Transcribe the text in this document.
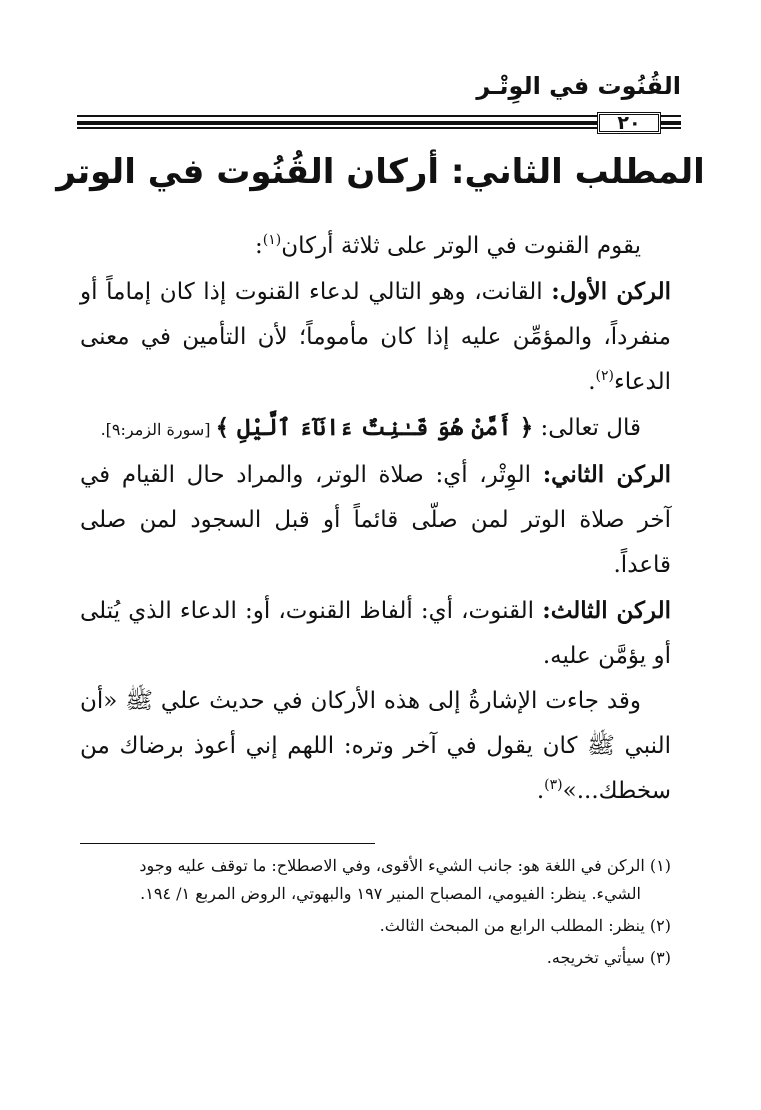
القُنُوت في الوِتْـر
٢٠
المطلب الثاني: أركان القُنُوت في الوتر

يقوم القنوت في الوتر على ثلاثة أركان$^{(١)}$:

الركن الأول: القانت، وهو التالي لدعاء القنوت إذا كان إماماً أو منفرداً، والمؤمِّن عليه إذا كان مأموماً؛ لأن التأمين في معنى الدعاء$^{(٢)}$.

قال تعالى: ﴿ أَمَّنْ هُوَ قَـٰنِتٌ ءَانَآءَ ٱلَّيْلِ ﴾ [سورة الزمر:٩].

الركن الثاني: الوِتْر، أي: صلاة الوتر، والمراد حال القيام في آخر صلاة الوتر لمن صلّى قائماً أو قبل السجود لمن صلى قاعداً.

الركن الثالث: القنوت، أي: ألفاظ القنوت، أو: الدعاء الذي يُتلى أو يؤمَّن عليه.

وقد جاءت الإشارةُ إلى هذه الأركان في حديث علي ﷺ «أن النبي ﷺ كان يقول في آخر وتره: اللهم إني أعوذ برضاك من سخطك...»$^{(٣)}$.

(١) الركن في اللغة هو: جانب الشيء الأقوى، وفي الاصطلاح: ما توقف عليه وجود
الشيء. ينظر: الفيومي، المصباح المنير ١٩٧ والبهوتي، الروض المربع ١/ ١٩٤.

(٢) ينظر: المطلب الرابع من المبحث الثالث.

(٣) سيأتي تخريجه.
